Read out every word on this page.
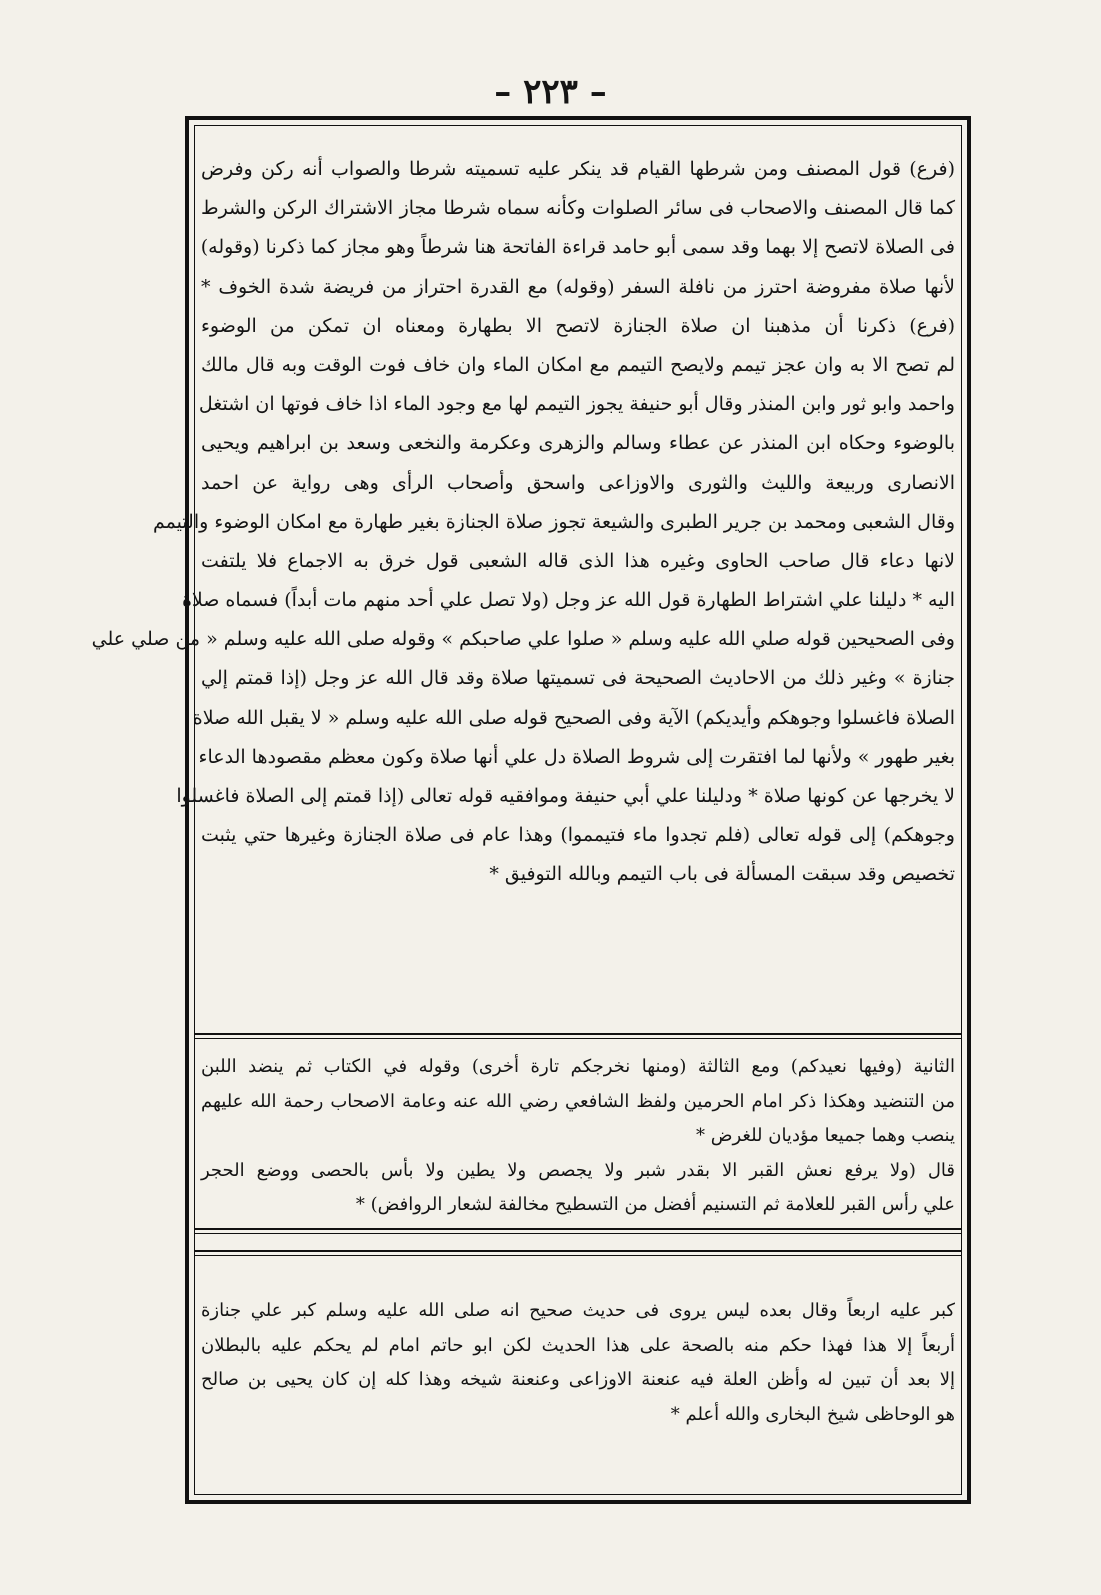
– ٢٢٣ –
(فرع) قول المصنف ومن شرطها القيام قد ينكر عليه تسميته شرطا والصواب أنه ركن وفرض
كما قال المصنف والاصحاب فى سائر الصلوات وكأنه سماه شرطا مجاز الاشتراك الركن والشرط
فى الصلاة لاتصح إلا بهما وقد سمى أبو حامد قراءة الفاتحة هنا شرطاً وهو مجاز كما ذكرنا (وقوله)
لأنها صلاة مفروضة احترز من نافلة السفر (وقوله) مع القدرة احتراز من فريضة شدة الخوف *
(فرع) ذكرنا أن مذهبنا ان صلاة الجنازة لاتصح الا بطهارة ومعناه ان تمكن من الوضوء
لم تصح الا به وان عجز تيمم ولايصح التيمم مع امكان الماء وان خاف فوت الوقت وبه قال مالك
واحمد وابو ثور وابن المنذر وقال أبو حنيفة يجوز التيمم لها مع وجود الماء اذا خاف فوتها ان اشتغل
بالوضوء وحكاه ابن المنذر عن عطاء وسالم والزهرى وعكرمة والنخعى وسعد بن ابراهيم ويحيى
الانصارى وربيعة والليث والثورى والاوزاعى واسحق وأصحاب الرأى وهى رواية عن احمد
وقال الشعبى ومحمد بن جرير الطبرى والشيعة تجوز صلاة الجنازة بغير طهارة مع امكان الوضوء والتيمم
لانها دعاء قال صاحب الحاوى وغيره هذا الذى قاله الشعبى قول خرق به الاجماع فلا يلتفت
اليه * دليلنا علي اشتراط الطهارة قول الله عز وجل (ولا تصل علي أحد منهم مات أبداً) فسماه صلاة
وفى الصحيحين قوله صلي الله عليه وسلم « صلوا علي صاحبكم » وقوله صلى الله عليه وسلم « من صلي علي
جنازة » وغير ذلك من الاحاديث الصحيحة فى تسميتها صلاة وقد قال الله عز وجل (إذا قمتم إلي
الصلاة فاغسلوا وجوهكم وأيديكم) الآية وفى الصحيح قوله صلى الله عليه وسلم « لا يقبل الله صلاة
بغير طهور » ولأنها لما افتقرت إلى شروط الصلاة دل علي أنها صلاة وكون معظم مقصودها الدعاء
لا يخرجها عن كونها صلاة * ودليلنا علي أبي حنيفة وموافقيه قوله تعالى (إذا قمتم إلى الصلاة فاغسلوا
وجوهكم) إلى قوله تعالى (فلم تجدوا ماء فتيمموا) وهذا عام فى صلاة الجنازة وغيرها حتي يثبت
تخصيص وقد سبقت المسألة فى باب التيمم وبالله التوفيق *
الثانية (وفيها نعيدكم) ومع الثالثة (ومنها نخرجكم تارة أخرى) وقوله في الكتاب ثم ينضد اللبن
من التنضيد وهكذا ذكر امام الحرمين ولفظ الشافعي رضي الله عنه وعامة الاصحاب رحمة الله عليهم
ينصب وهما جميعا مؤديان للغرض *
قال (ولا يرفع نعش القبر الا بقدر شبر ولا يجصص ولا يطين ولا بأس بالحصى ووضع الحجر
علي رأس القبر للعلامة ثم التسنيم أفضل من التسطيح مخالفة لشعار الروافض) *
كبر عليه اربعاً وقال بعده ليس يروى فى حديث صحيح انه صلى الله عليه وسلم كبر علي جنازة
أربعاً إلا هذا فهذا حكم منه بالصحة على هذا الحديث لكن ابو حاتم امام لم يحكم عليه بالبطلان
إلا بعد أن تبين له وأظن العلة فيه عنعنة الاوزاعى وعنعنة شيخه وهذا كله إن كان يحيى بن صالح
هو الوحاظى شيخ البخارى والله أعلم *
